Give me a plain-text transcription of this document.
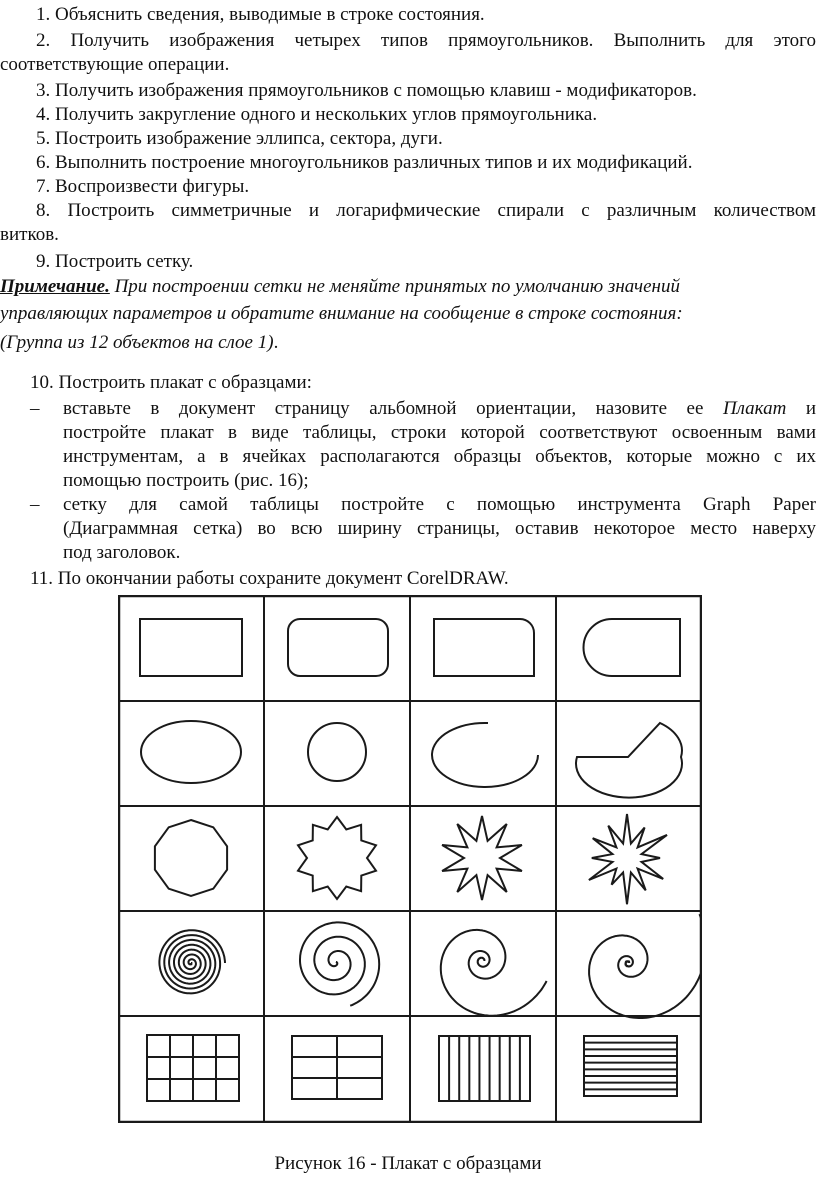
1. Объяснить сведения, выводимые в строке состояния.
2. Получить изображения четырех типов прямоугольников. Выполнить для этого
соответствующие операции.
3. Получить изображения прямоугольников с помощью клавиш - модификаторов.
4. Получить закругление одного и нескольких углов прямоугольника.
5. Построить изображение эллипса, сектора, дуги.
6. Выполнить построение многоугольников различных типов и их модификаций.
7. Воспроизвести фигуры.
8. Построить симметричные и логарифмические спирали с различным количеством
витков.
9. Построить сетку.
Примечание. При построении сетки не меняйте принятых по умолчанию значений
управляющих параметров и обратите внимание на сообщение в строке состояния:
(Группа из 12 объектов на слое 1).
10. Построить плакат с образцами:
– вставьте в документ страницу альбомной ориентации, назовите ее Плакат и
постройте плакат в виде таблицы, строки которой соответствуют освоенным вами
инструментам, а в ячейках располагаются образцы объектов, которые можно с их
помощью построить (рис. 16);
– сетку для самой таблицы постройте с помощью инструмента Graph Paper
(Диаграммная сетка) во всю ширину страницы, оставив некоторое место наверху
под заголовок.
11. По окончании работы сохраните документ CorelDRAW.
Рисунок 16 - Плакат с образцами
